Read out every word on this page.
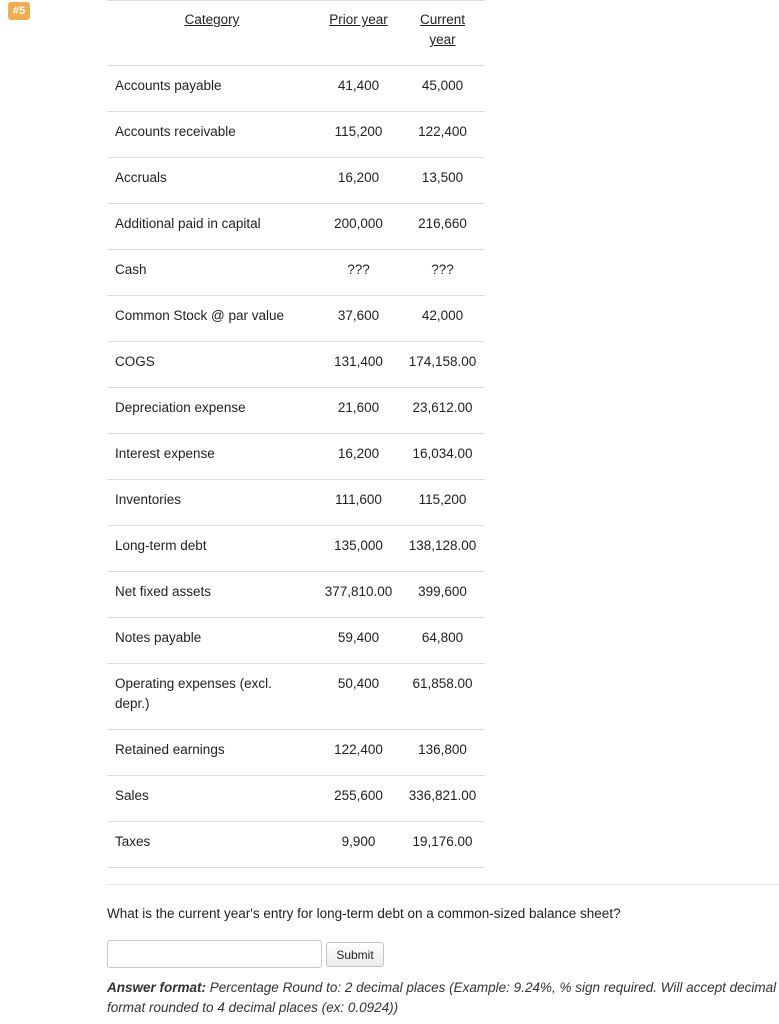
#5
Category	Prior year	Current year
Accounts payable	41,400	45,000
Accounts receivable	115,200	122,400
Accruals	16,200	13,500
Additional paid in capital	200,000	216,660
Cash	???	???
Common Stock @ par value	37,600	42,000
COGS	131,400	174,158.00
Depreciation expense	21,600	23,612.00
Interest expense	16,200	16,034.00
Inventories	111,600	115,200
Long-term debt	135,000	138,128.00
Net fixed assets	377,810.00	399,600
Notes payable	59,400	64,800
Operating expenses (excl. depr.)	50,400	61,858.00
Retained earnings	122,400	136,800
Sales	255,600	336,821.00
Taxes	9,900	19,176.00
What is the current year's entry for long-term debt on a common-sized balance sheet?
Submit
Answer format: Percentage Round to: 2 decimal places (Example: 9.24%, % sign required. Will accept decimal format rounded to 4 decimal places (ex: 0.0924))
